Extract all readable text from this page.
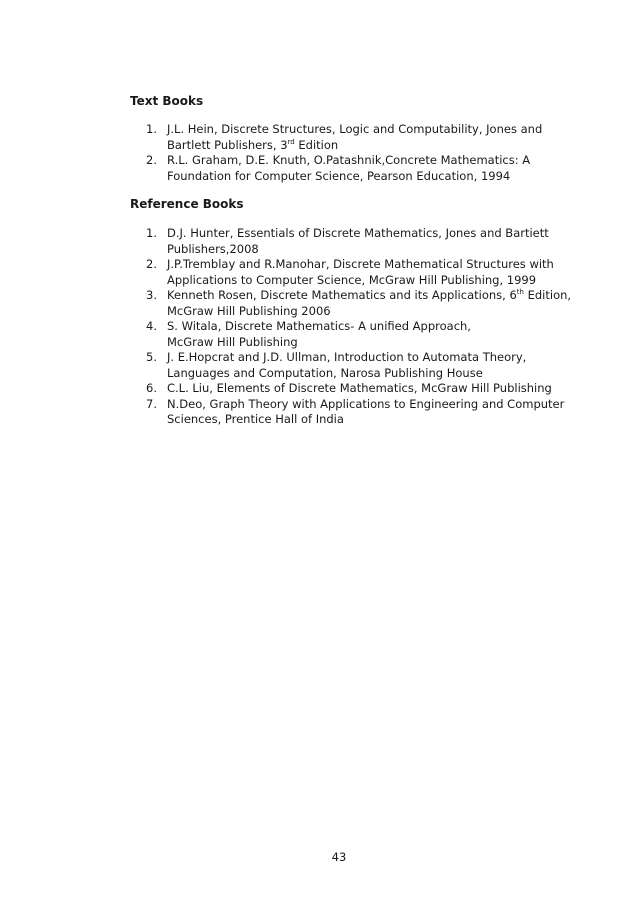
Text Books
1. J.L. Hein, Discrete Structures, Logic and Computability, Jones and
Bartlett Publishers, 3rd Edition
2. R.L. Graham, D.E. Knuth, O.Patashnik,Concrete Mathematics: A
Foundation for Computer Science, Pearson Education, 1994
Reference Books
1. D.J. Hunter, Essentials of Discrete Mathematics, Jones and Bartiett
Publishers,2008
2. J.P.Tremblay and R.Manohar, Discrete Mathematical Structures with
Applications to Computer Science, McGraw Hill Publishing, 1999
3. Kenneth Rosen, Discrete Mathematics and its Applications, 6th Edition,
McGraw Hill Publishing 2006
4. S. Witala, Discrete Mathematics- A unified Approach,
McGraw Hill Publishing
5. J. E.Hopcrat and J.D. Ullman, Introduction to Automata Theory,
Languages and Computation, Narosa Publishing House
6. C.L. Liu, Elements of Discrete Mathematics, McGraw Hill Publishing
7. N.Deo, Graph Theory with Applications to Engineering and Computer
Sciences, Prentice Hall of India
43
